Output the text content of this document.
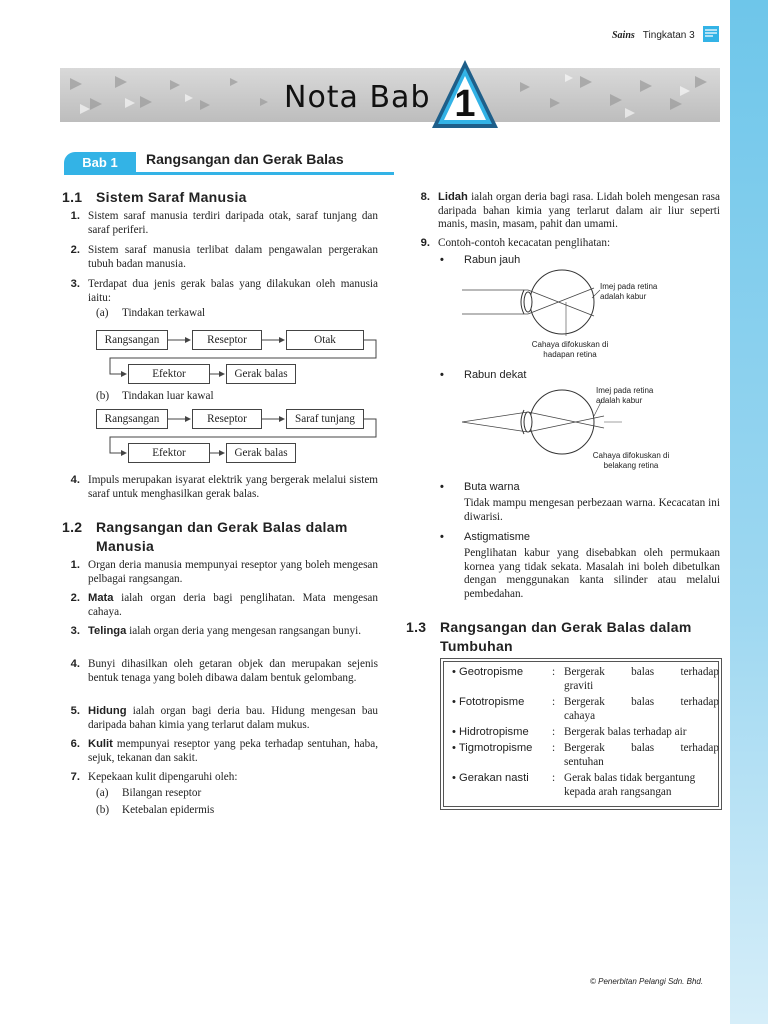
Sains Tingkatan 3
Nota Bab 1
Bab 1	Rangsangan dan Gerak Balas
1.1 Sistem Saraf Manusia
1. Sistem saraf manusia terdiri daripada otak, saraf tunjang dan saraf periferi.
2. Sistem saraf manusia terlibat dalam pengawalan pergerakan tubuh badan manusia.
3. Terdapat dua jenis gerak balas yang dilakukan oleh manusia iaitu:
(a) Tindakan terkawal
Rangsangan	Reseptor	Otak
Efektor	Gerak balas
(b) Tindakan luar kawal
Rangsangan	Reseptor	Saraf tunjang
Efektor	Gerak balas
4. Impuls merupakan isyarat elektrik yang bergerak melalui sistem saraf untuk menghasilkan gerak balas.
1.2 Rangsangan dan Gerak Balas dalam
Manusia
1. Organ deria manusia mempunyai reseptor yang boleh mengesan pelbagai rangsangan.
2. Mata ialah organ deria bagi penglihatan. Mata mengesan cahaya.
3. Telinga ialah organ deria yang mengesan rangsangan bunyi.
4. Bunyi dihasilkan oleh getaran objek dan merupakan sejenis bentuk tenaga yang boleh dibawa dalam bentuk gelombang.
5. Hidung ialah organ bagi deria bau. Hidung mengesan bau daripada bahan kimia yang terlarut dalam mukus.
6. Kulit mempunyai reseptor yang peka terhadap sentuhan, haba, sejuk, tekanan dan sakit.
7. Kepekaan kulit dipengaruhi oleh:
(a) Bilangan reseptor
(b) Ketebalan epidermis
8. Lidah ialah organ deria bagi rasa. Lidah boleh mengesan rasa daripada bahan kimia yang terlarut dalam air liur seperti manis, masin, masam, pahit dan umami.
9. Contoh-contoh kecacatan penglihatan:
• Rabun jauh
Imej pada retina adalah kabur
Cahaya difokuskan di hadapan retina
• Rabun dekat
Imej pada retina adalah kabur
Cahaya difokuskan di belakang retina
• Buta warna
Tidak mampu mengesan perbezaan warna. Kecacatan ini diwarisi.
• Astigmatisme
Penglihatan kabur yang disebabkan oleh permukaan kornea yang tidak sekata. Masalah ini boleh dibetulkan dengan menggunakan kanta silinder atau melalui pembedahan.
1.3 Rangsangan dan Gerak Balas dalam
Tumbuhan
• Geotropisme	: Bergerak balas terhadap
graviti
• Fototropisme	: Bergerak balas terhadap
cahaya
• Hidrotropisme	: Bergerak balas terhadap air
• Tigmotropisme	: Bergerak balas terhadap
sentuhan
• Gerakan nasti	: Gerak balas tidak bergantung
kepada arah rangsangan
© Penerbitan Pelangi Sdn. Bhd.
